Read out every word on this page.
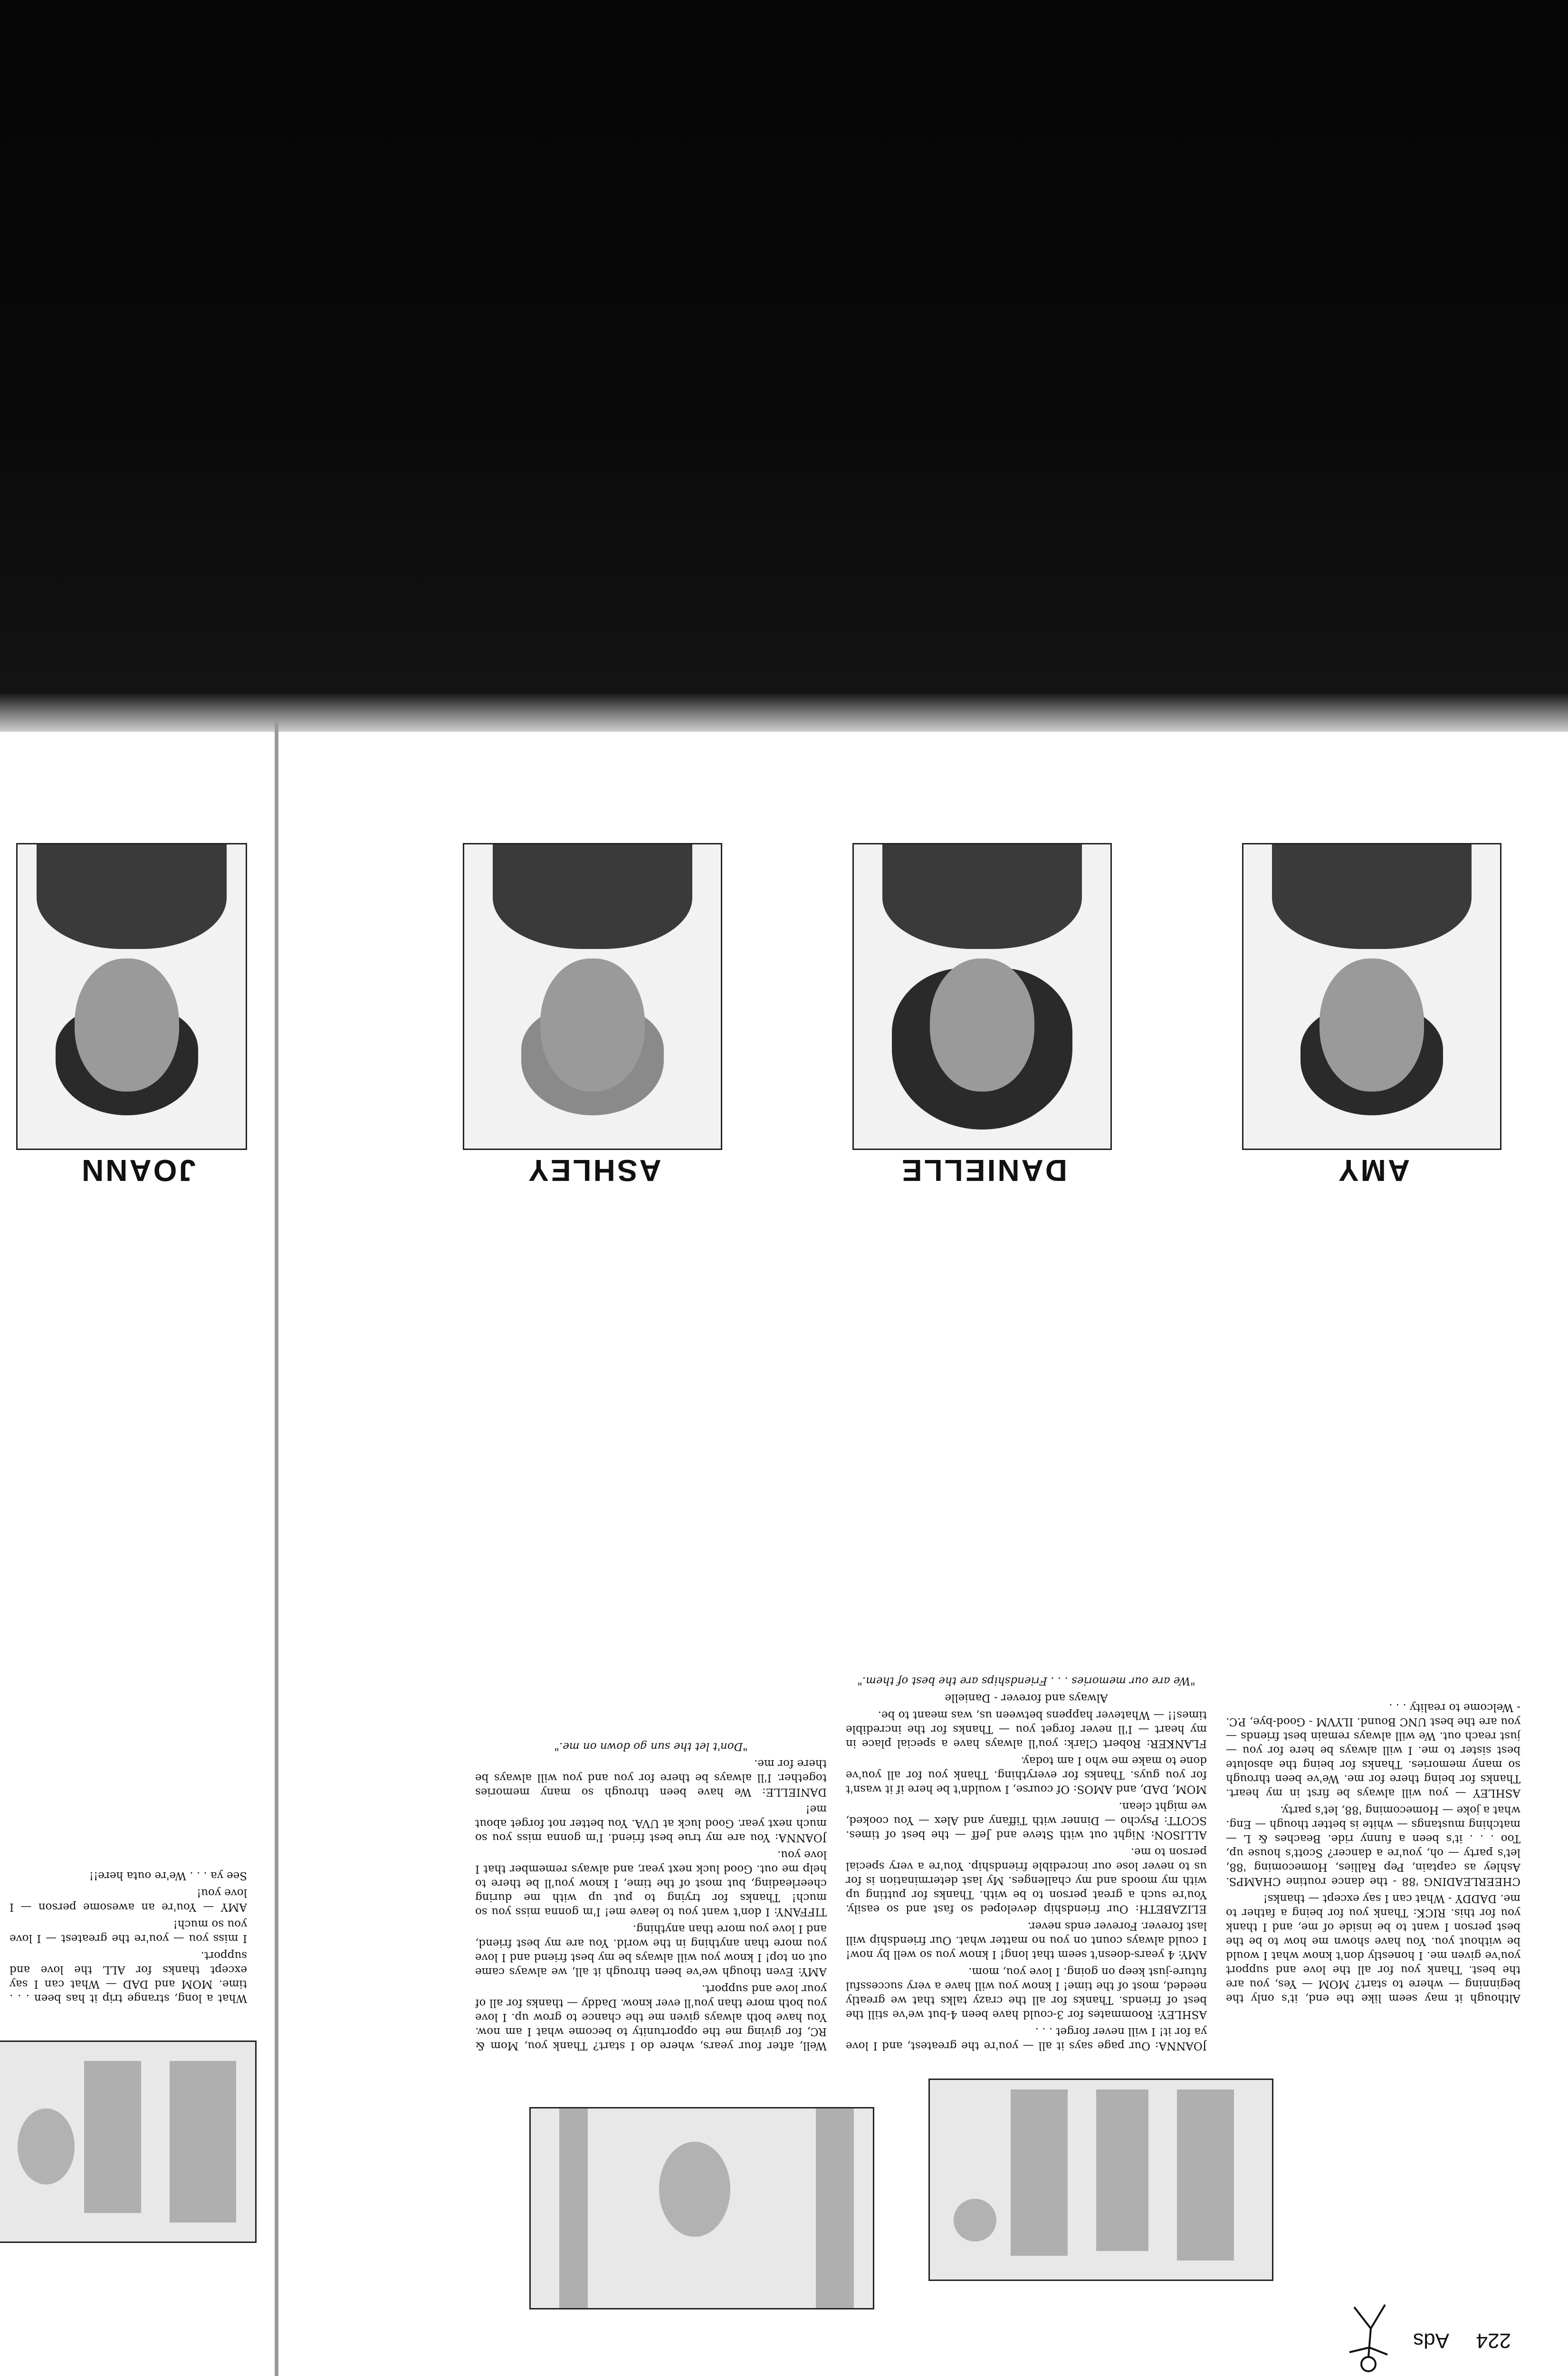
224
Ads

Although it may seem like the end, it's only the beginning — where to start? MOM — Yes, you are the best. Thank you for all the love and support you've given me. I honestly don't know what I would be without you. You have shown me how to be the best person I want to be inside of me, and I thank you for this. RICK: Thank you for being a father to me. DADDY - What can I say except — thanks!

CHEERLEADING '88 - the dance routine CHAMPS. Ashley as captain, Pep Rallies, Homecoming '88, let's party — oh, you're a dancer? Scott's house up, Too . . . it's been a funny ride. Beaches & L — matching mustangs — white is better though — Eng. what a joke — Homecoming '88, let's party.

ASHLEY — you will always be first in my heart. Thanks for being there for me. We've been through so many memories. Thanks for being the absolute best sister to me. I will always be here for you — just reach out. We will always remain best friends — you are the best UNC Bound. ILYVM - Good-bye, P.C. - Welcome to reality . . .

JOANNA: Our page says it all — you're the greatest, and I love ya for it! I will never forget . . .

ASHLEY: Roommates for 3-could have been 4-but we've still the best of friends. Thanks for all the crazy talks that we greatly needed, most of the time! I know you will have a very successful future-just keep on going. I love you, mom.

AMY: 4 years-doesn't seem that long! I know you so well by now! I could always count on you no matter what. Our friendship will last forever. Forever ends never.

ELIZABETH: Our friendship developed so fast and so easily. You're such a great person to be with. Thanks for putting up with my moods and my challenges. My last determination is for us to never lose our incredible friendship. You're a very special person to me.

ALLISON: Night out with Steve and Jeff — the best of times. SCOTT: Psycho — Dinner with Tiffany and Alex — You cooked, we might clean.

MOM, DAD, and AMOS: Of course, I wouldn't be here if it wasn't for you guys. Thanks for everything. Thank you for all you've done to make me who I am today.

FLANKER: Robert Clark: you'll always have a special place in my heart — I'll never forget you — Thanks for the incredible times!! — Whatever happens between us, was meant to be.

Always and forever - Danielle

"We are our memories . . . Friendships are the best of them."

Well, after four years, where do I start? Thank you, Mom & RC, for giving me the opportunity to become what I am now. You have both always given me the chance to grow up. I love you both more than you'll ever know. Daddy — thanks for all of your love and support.

AMY: Even though we've been through it all, we always came out on top! I know you will always be my best friend and I love you more than anything in the world. You are my best friend, and I love you more than anything.

TIFFANY: I don't want you to leave me! I'm gonna miss you so much! Thanks for trying to put up with me during cheerleading, but most of the time, I know you'll be there to help me out. Good luck next year, and always remember that I love you.

JOANNA: You are my true best friend. I'm gonna miss you so much next year. Good luck at UVA. You better not forget about me!

DANIELLE: We have been through so many memories together. I'll always be there for you and you will always be there for me.

"Don't let the sun go down on me."

What a long, strange trip it has been . . . time. MOM and DAD — What can I say except thanks for ALL the love and support.

I miss you — you're the greatest — I love you so much!

AMY — You're an awesome person — I love you!

See ya . . . We're outa here!!

AMY
DANIELLE
ASHLEY
JOANN
